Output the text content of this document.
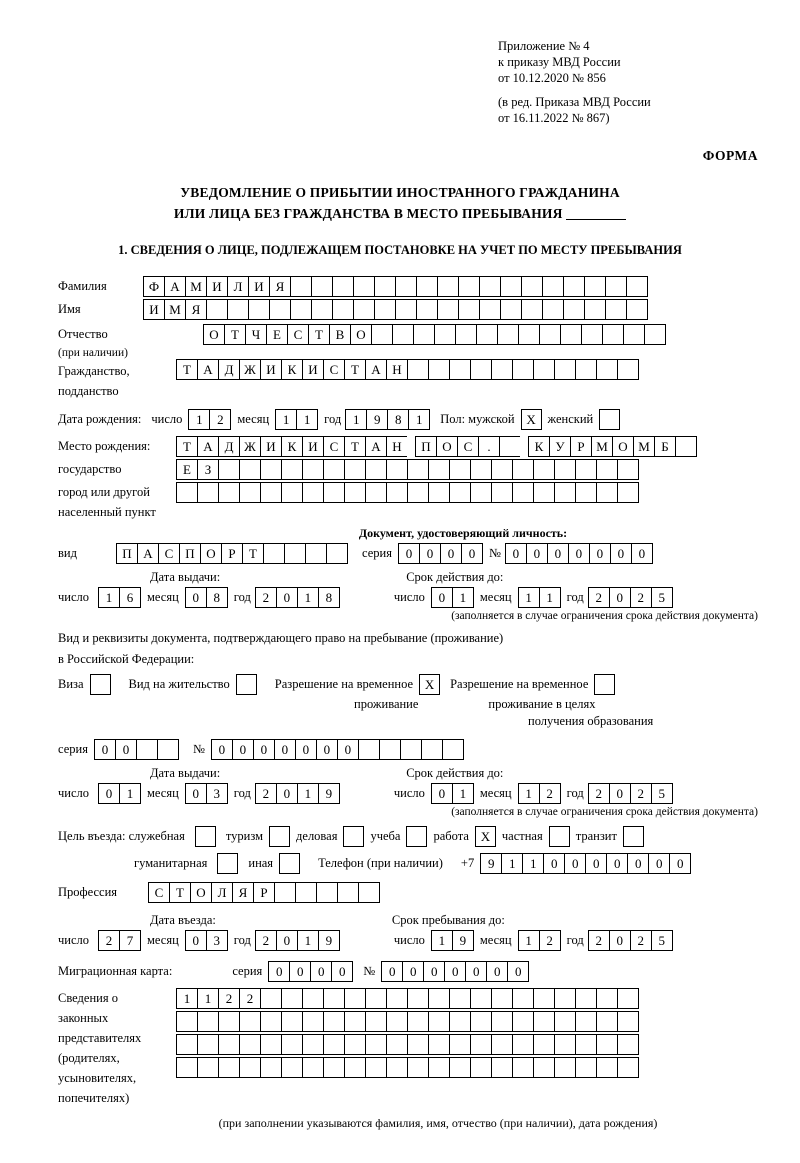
Приложение № 4
к приказу МВД России
от 10.12.2020 № 856
(в ред. Приказа МВД России
от 16.11.2022 № 867)
ФОРМА
УВЕДОМЛЕНИЕ О ПРИБЫТИИ ИНОСТРАННОГО ГРАЖДАНИНА
ИЛИ ЛИЦА БЕЗ ГРАЖДАНСТВА В МЕСТО ПРЕБЫВАНИЯ
1. СВЕДЕНИЯ О ЛИЦЕ, ПОДЛЕЖАЩЕМ ПОСТАНОВКЕ НА УЧЕТ ПО МЕСТУ ПРЕБЫВАНИЯ
Фамилия	Ф А М И Л И Я
Имя	И М Я
Отчество	О Т Ч Е С Т В О
(при наличии)
Гражданство,
подданство
Т А Д Ж И К И С Т А Н
Дата рождения: число	1	2	месяц	1	1	год 1	9	8	1	Пол: мужской X женский
Место рождения:	Т А Д Ж И К И С Т А Н	П О С	.	К У Р М О М Б
государство	Е	З
город или другой
населенный пункт
Документ, удостоверяющий личность:
вид	П А С П О Р	Т	серия	0	0	0	0	№ 0	0	0	0	0	0	0
Дата выдачи:	Срок действия до:
число	1	6	месяц	0	8	год 2	0	1	8	число	0	1	месяц	1	1	год 2	0	2	5
(заполняется в случае ограничения срока действия документа)
Вид и реквизиты документа, подтверждающего право на пребывание (проживание)
в Российской Федерации:
Виза	Вид на жительство	Разрешение на временное X	Разрешение на временное
проживание	проживание в целях
получения образования
серия	0	0	№	0	0	0	0	0	0	0
Дата выдачи:	Срок действия до:
число	0	1	месяц	0	3	год 2	0	1	9	число	0	1	месяц	1	2	год 2	0	2	5
(заполняется в случае ограничения срока действия документа)
Цель въезда: служебная	туризм	деловая	учеба	работа X частная	транзит
гуманитарная	иная	Телефон (при наличии) +7	9	1	1	0	0	0	0	0	0	0
Профессия	С Т О Л Я	Р
Дата въезда:	Срок пребывания до:
число	2	7	месяц	0	3	год 2	0	1	9	число	1	9	месяц	1	2	год 2	0	2	5
Миграционная карта:	серия	0	0	0	0	№	0	0	0	0	0	0	0
Сведения о
законных
представителях
(родителях,
усыновителях,
попечителях)
1	1	2	2
(при заполнении указываются фамилия, имя, отчество (при наличии), дата рождения)
